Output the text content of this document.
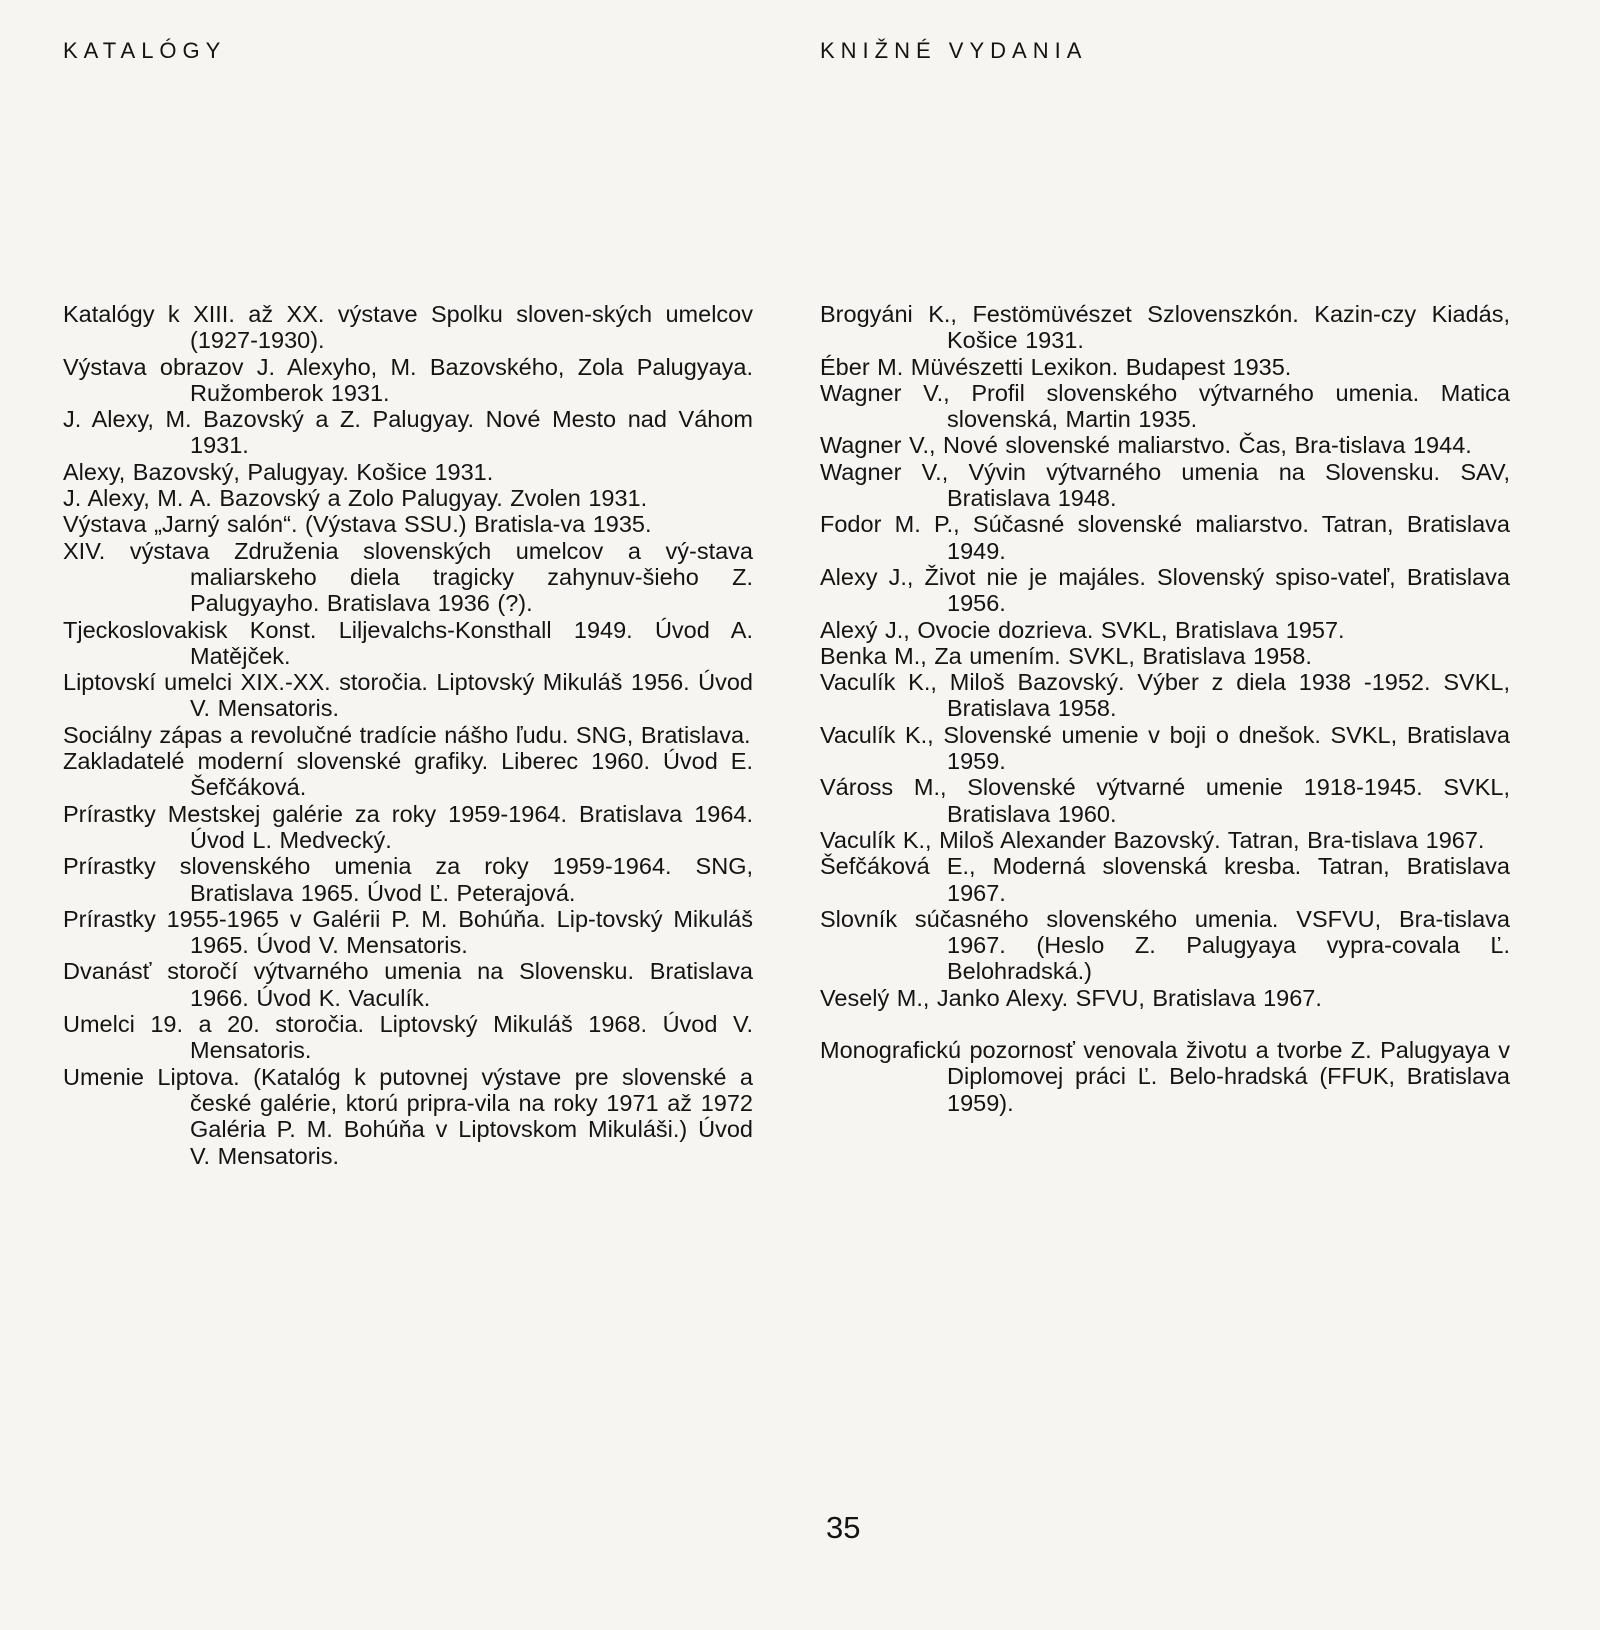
KATALÓGY	KNIŽNÉ VYDANIA

Katalógy k XIII. až XX. výstave Spolku sloven-ských umelcov (1927-1930).

Výstava obrazov J. Alexyho, M. Bazovského, Zola Palugyaya. Ružomberok 1931.

J. Alexy, M. Bazovský a Z. Palugyay. Nové Mesto nad Váhom 1931.

Alexy, Bazovský, Palugyay. Košice 1931.

J. Alexy, M. A. Bazovský a Zolo Palugyay. Zvolen 1931.

Výstava „Jarný salón“. (Výstava SSU.) Bratisla-va 1935.

XIV. výstava Združenia slovenských umelcov a vý-stava maliarskeho diela tragicky zahynuv-šieho Z. Palugyayho. Bratislava 1936 (?).

Tjeckoslovakisk Konst. Liljevalchs-Konsthall 1949. Úvod A. Matějček.

Liptovskí umelci XIX.-XX. storočia. Liptovský Mikuláš 1956. Úvod V. Mensatoris.

Sociálny zápas a revolučné tradície nášho ľudu. SNG, Bratislava.

Zakladatelé moderní slovenské grafiky. Liberec 1960. Úvod E. Šefčáková.

Prírastky Mestskej galérie za roky 1959-1964. Bratislava 1964. Úvod L. Medvecký.

Prírastky slovenského umenia za roky 1959-1964. SNG, Bratislava 1965. Úvod Ľ. Peterajová.

Prírastky 1955-1965 v Galérii P. M. Bohúňa. Lip-tovský Mikuláš 1965. Úvod V. Mensatoris.

Dvanásť storočí výtvarného umenia na Slovensku. Bratislava 1966. Úvod K. Vaculík.

Umelci 19. a 20. storočia. Liptovský Mikuláš 1968. Úvod V. Mensatoris.

Umenie Liptova. (Katalóg k putovnej výstave pre slovenské a české galérie, ktorú pripra-vila na roky 1971 až 1972 Galéria P. M. Bohúňa v Liptovskom Mikuláši.) Úvod V. Mensatoris.

Brogyáni K., Festömüvészet Szlovenszkón. Kazin-czy Kiadás, Košice 1931.

Éber M. Müvészetti Lexikon. Budapest 1935.

Wagner V., Profil slovenského výtvarného umenia. Matica slovenská, Martin 1935.

Wagner V., Nové slovenské maliarstvo. Čas, Bra-tislava 1944.

Wagner V., Vývin výtvarného umenia na Slovensku. SAV, Bratislava 1948.

Fodor M. P., Súčasné slovenské maliarstvo. Tatran, Bratislava 1949.

Alexy J., Život nie je majáles. Slovenský spiso-vateľ, Bratislava 1956.

Alexý J., Ovocie dozrieva. SVKL, Bratislava 1957.

Benka M., Za umením. SVKL, Bratislava 1958.

Vaculík K., Miloš Bazovský. Výber z diela 1938 -1952. SVKL, Bratislava 1958.

Vaculík K., Slovenské umenie v boji o dnešok. SVKL, Bratislava 1959.

Váross M., Slovenské výtvarné umenie 1918-1945. SVKL, Bratislava 1960.

Vaculík K., Miloš Alexander Bazovský. Tatran, Bra-tislava 1967.

Šefčáková E., Moderná slovenská kresba. Tatran, Bratislava 1967.

Slovník súčasného slovenského umenia. VSFVU, Bra-tislava 1967. (Heslo Z. Palugyaya vypra-covala Ľ. Belohradská.)

Veselý M., Janko Alexy. SFVU, Bratislava 1967.

Monografickú pozornosť venovala životu a tvorbe Z. Palugyaya v Diplomovej práci Ľ. Belo-hradská (FFUK, Bratislava 1959).

35
